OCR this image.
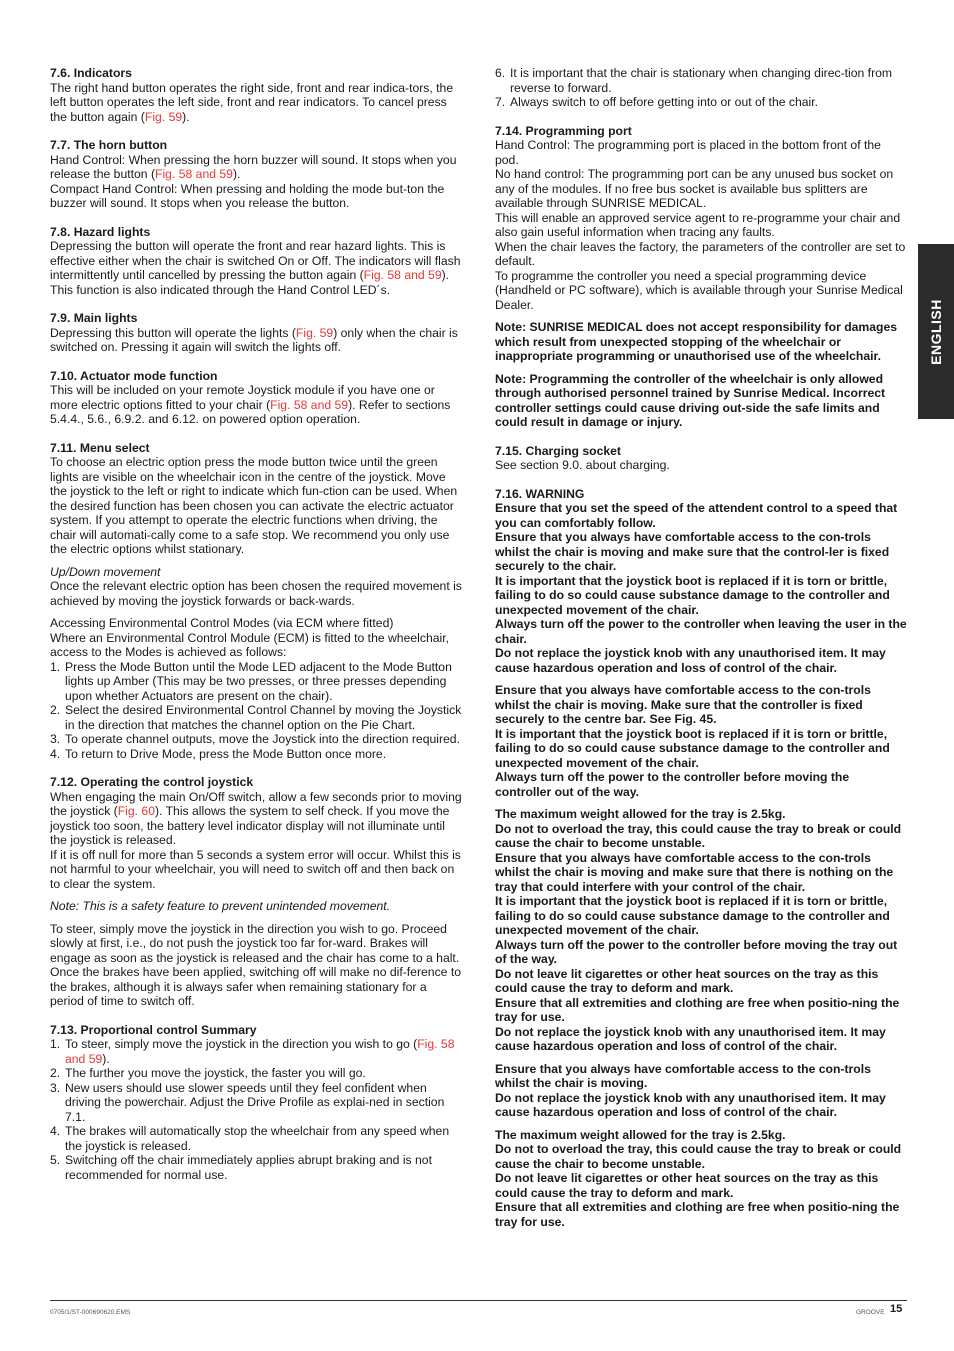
7.6. Indicators

The right hand button operates the right side, front and rear indica-tors, the left button operates the left side, front and rear indicators. To cancel press the button again (Fig. 59).

7.7. The horn button

Hand Control: When pressing the horn buzzer will sound. It stops when you release the button (Fig. 58 and 59).

Compact Hand Control: When pressing and holding the mode but-ton the buzzer will sound. It stops when you release the button.

7.8. Hazard lights

Depressing the button will operate the front and rear hazard lights. This is effective either when the chair is switched On or Off. The indicators will flash intermittently until cancelled by pressing the button again (Fig. 58 and 59). This function is also indicated through the Hand Control LED´s.

7.9. Main lights

Depressing this button will operate the lights (Fig. 59) only when the chair is switched on. Pressing it again will switch the lights off.

7.10. Actuator mode function

This will be included on your remote Joystick module if you have one or more electric options fitted to your chair (Fig. 58 and 59). Refer to sections 5.4.4., 5.6., 6.9.2. and 6.12. on powered option operation.

7.11. Menu select

To choose an electric option press the mode button twice until the green lights are visible on the wheelchair icon in the centre of the joystick. Move the joystick to the left or right to indicate which fun-ction can be used. When the desired function has been chosen you can activate the electric actuator system. If you attempt to operate the electric functions when driving, the chair will automati-cally come to a safe stop. We recommend you only use the electric options whilst stationary.

Up/Down movement

Once the relevant electric option has been chosen the required movement is achieved by moving the joystick forwards or back-wards.

Accessing Environmental Control Modes (via ECM where fitted)

Where an Environmental Control Module (ECM) is fitted to the wheelchair, access to the Modes is achieved as follows:

1. Press the Mode Button until the Mode LED adjacent to the Mode Button lights up Amber (This may be two presses, or three presses depending upon whether Actuators are present on the chair).
2. Select the desired Environmental Control Channel by moving the Joystick in the direction that matches the channel option on the Pie Chart.
3. To operate channel outputs, move the Joystick into the direction required.
4. To return to Drive Mode, press the Mode Button once more.
7.12. Operating the control joystick

When engaging the main On/Off switch, allow a few seconds prior to moving the joystick (Fig. 60). This allows the system to self check. If you move the joystick too soon, the battery level indicator display will not illuminate until the joystick is released.

If it is off null for more than 5 seconds a system error will occur. Whilst this is not harmful to your wheelchair, you will need to switch off and then back on to clear the system.

Note: This is a safety feature to prevent unintended movement.

To steer, simply move the joystick in the direction you wish to go. Proceed slowly at first, i.e., do not push the joystick too far for-ward. Brakes will engage as soon as the joystick is released and the chair has come to a halt.

Once the brakes have been applied, switching off will make no dif-ference to the brakes, although it is always safer when remaining stationary for a period of time to switch off.

7.13. Proportional control Summary
1. To steer, simply move the joystick in the direction you wish to go (Fig. 58 and 59).
2. The further you move the joystick, the faster you will go.
3. New users should use slower speeds until they feel confident when driving the powerchair. Adjust the Drive Profile as explai-ned in section 7.1.
4. The brakes will automatically stop the wheelchair from any speed when the joystick is released.
5. Switching off the chair immediately applies abrupt braking and is not recommended for normal use.
6. It is important that the chair is stationary when changing direc-tion from reverse to forward.
7. Always switch to off before getting into or out of the chair.
7.14. Programming port

Hand Control: The programming port is placed in the bottom front of the pod.

No hand control: The programming port can be any unused bus socket on any of the modules. If no free bus socket is available bus splitters are available through SUNRISE MEDICAL.

This will enable an approved service agent to re-programme your chair and also gain useful information when tracing any faults.

When the chair leaves the factory, the parameters of the controller are set to default.

To programme the controller you need a special programming device (Handheld or PC software), which is available through your Sunrise Medical Dealer.

Note: SUNRISE MEDICAL does not accept responsibility for damages which result from unexpected stopping of the wheelchair or inappropriate programming or unauthorised use of the wheelchair.

Note: Programming the controller of the wheelchair is only allowed through authorised personnel trained by Sunrise Medical. Incorrect controller settings could cause driving out-side the safe limits and could result in damage or injury.

7.15. Charging socket

See section 9.0. about charging.

7.16. WARNING

Ensure that you set the speed of the attendent control to a speed that you can comfortably follow.

Ensure that you always have comfortable access to the con-trols whilst the chair is moving and make sure that the control-ler is fixed securely to the chair.

It is important that the joystick boot is replaced if it is torn or brittle, failing to do so could cause substance damage to the controller and unexpected movement of the chair.

Always turn off the power to the controller when leaving the user in the chair.

Do not replace the joystick knob with any unauthorised item. It may cause hazardous operation and loss of control of the chair.

Ensure that you always have comfortable access to the con-trols whilst the chair is moving. Make sure that the controller is fixed securely to the centre bar. See Fig. 45.

It is important that the joystick boot is replaced if it is torn or brittle, failing to do so could cause substance damage to the controller and unexpected movement of the chair.

Always turn off the power to the controller before moving the controller out of the way.

The maximum weight allowed for the tray is 2.5kg.

Do not to overload the tray, this could cause the tray to break or could cause the chair to become unstable.

Ensure that you always have comfortable access to the con-trols whilst the chair is moving and make sure that there is nothing on the tray that could interfere with your control of the chair.

It is important that the joystick boot is replaced if it is torn or brittle, failing to do so could cause substance damage to the controller and unexpected movement of the chair.

Always turn off the power to the controller before moving the tray out of the way.

Do not leave lit cigarettes or other heat sources on the tray as this could cause the tray to deform and mark.

Ensure that all extremities and clothing are free when positio-ning the tray for use.

Do not replace the joystick knob with any unauthorised item. It may cause hazardous operation and loss of control of the chair.

Ensure that you always have comfortable access to the con-trols whilst the chair is moving.

Do not replace the joystick knob with any unauthorised item. It may cause hazardous operation and loss of control of the chair.

The maximum weight allowed for the tray is 2.5kg.

Do not to overload the tray, this could cause the tray to break or could cause the chair to become unstable.

Do not leave lit cigarettes or other heat sources on the tray as this could cause the tray to deform and mark.

Ensure that all extremities and clothing are free when positio-ning the tray for use.

ENGLISH
0705/1/ST-000690620.EMS	GROOVE 15
